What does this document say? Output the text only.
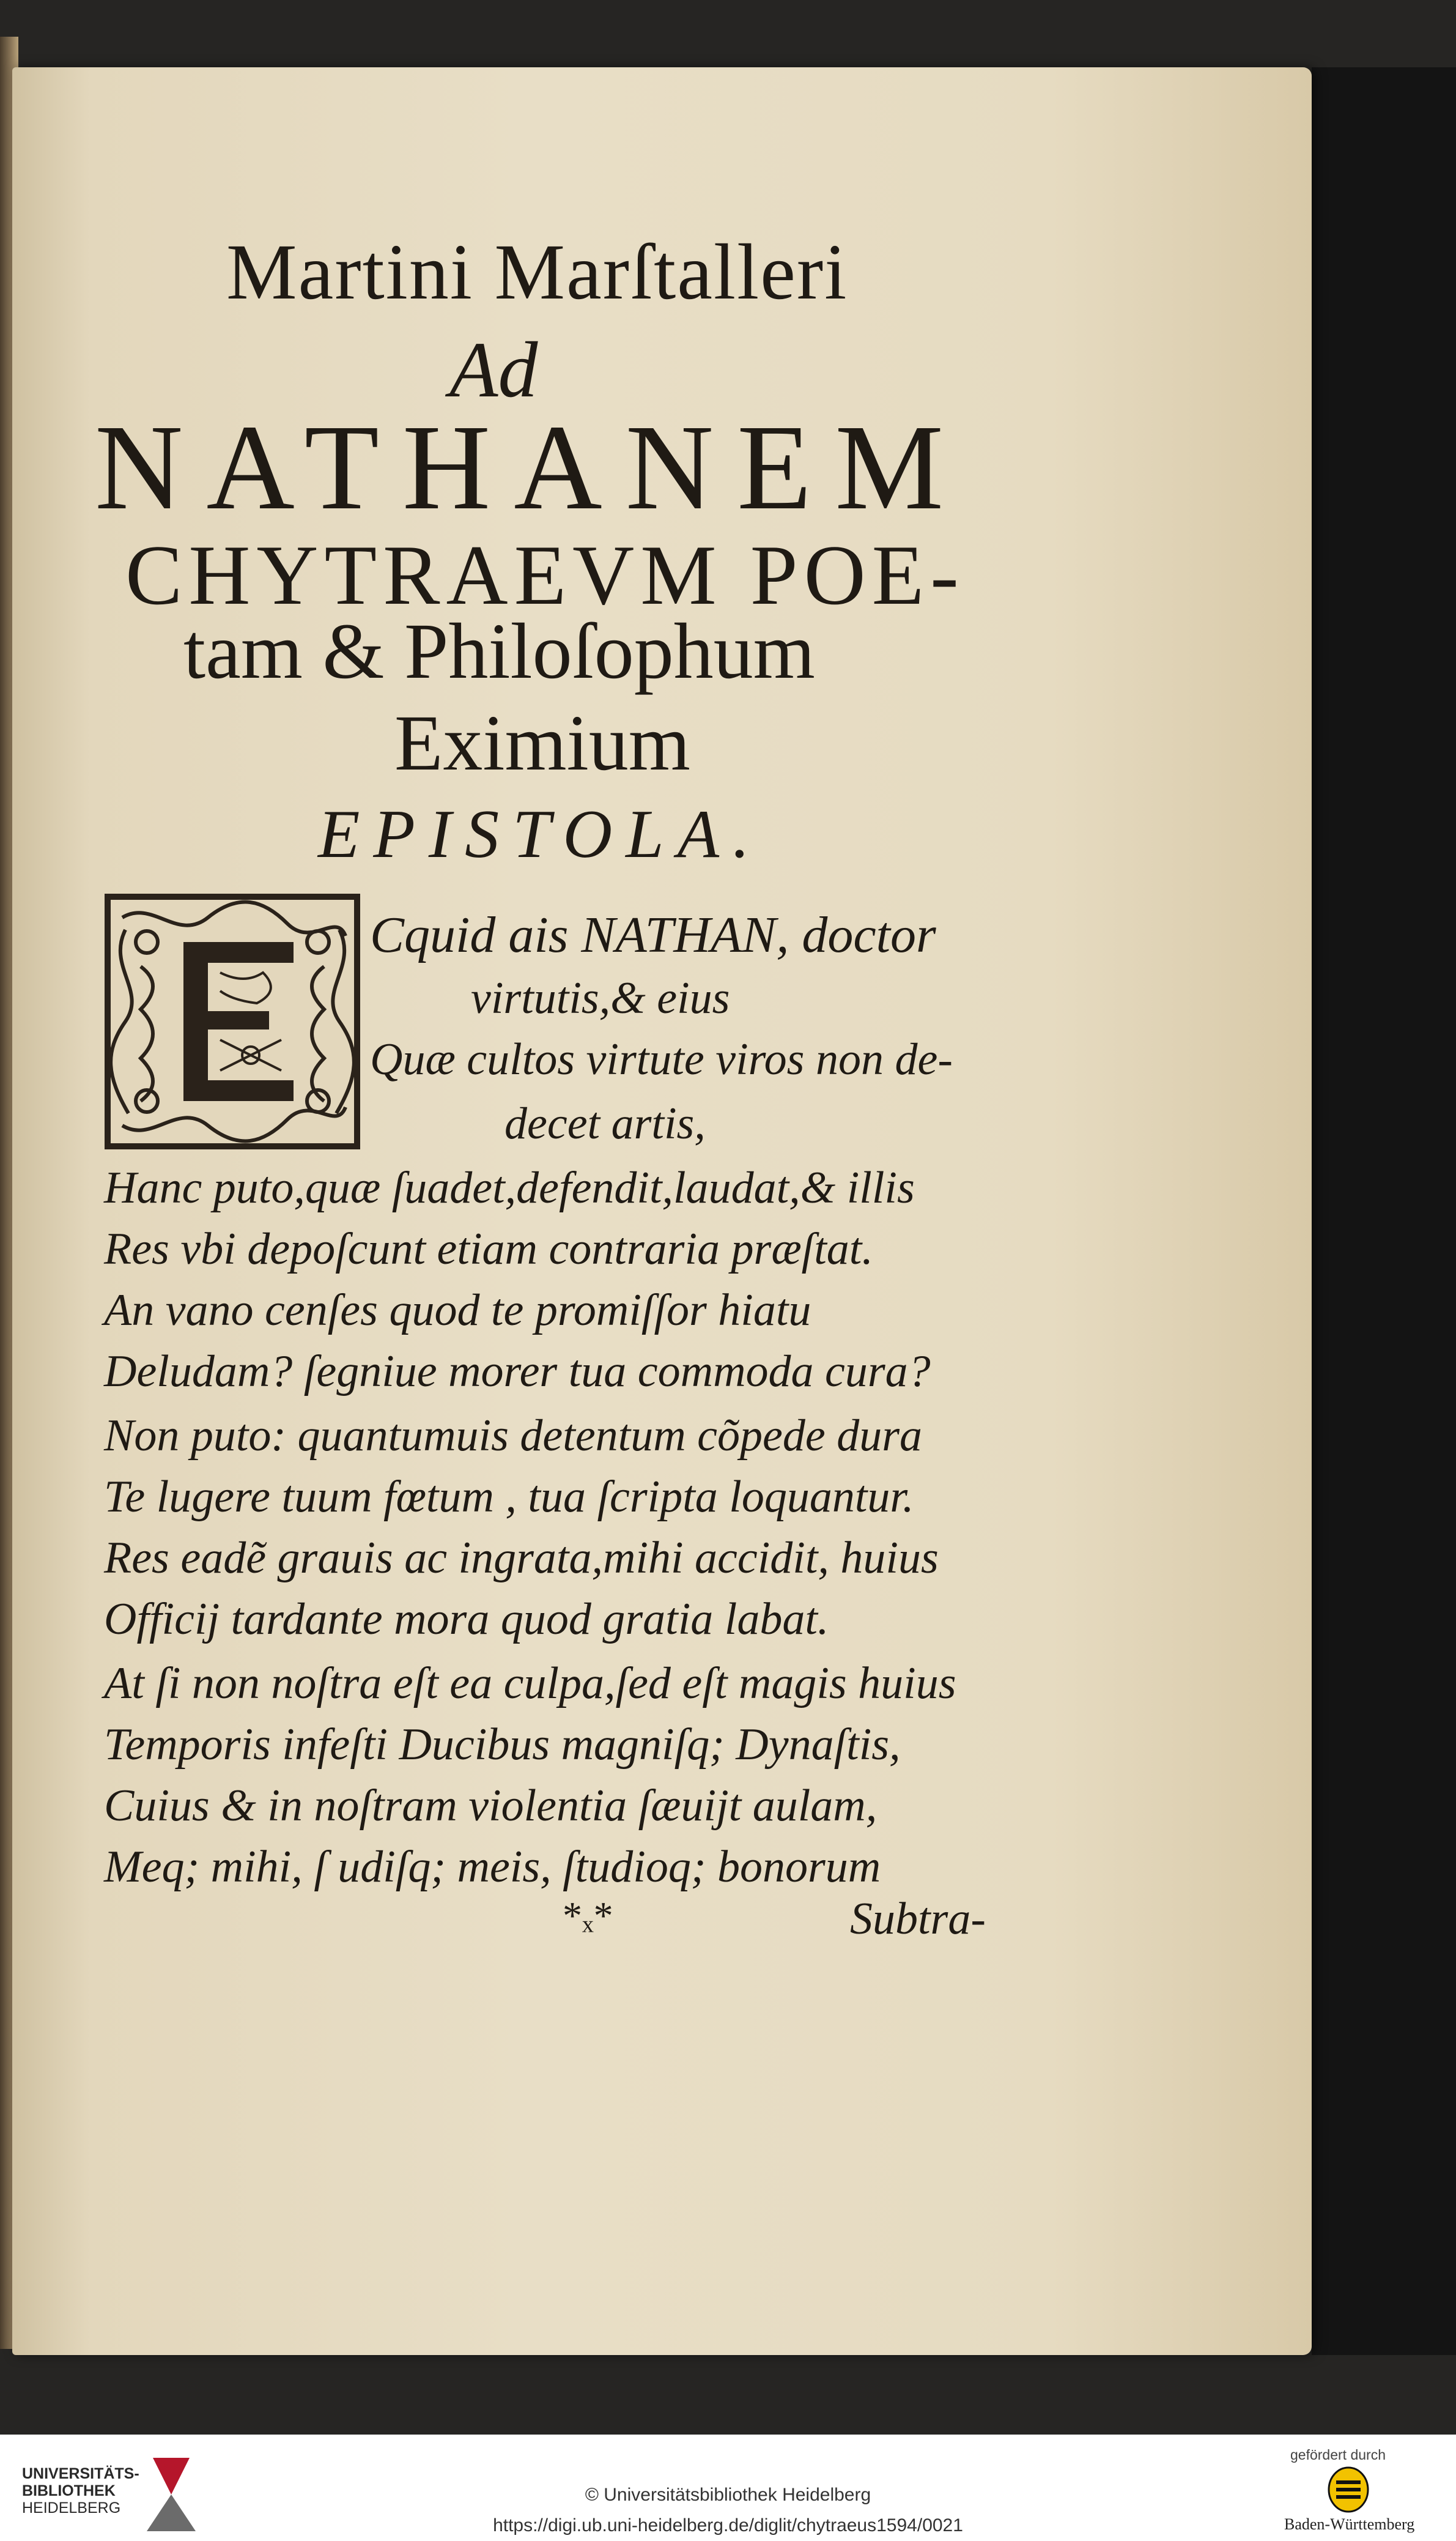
Martini Marſtalleri
Ad
NATHANEM
CHYTRAEVM POE-
tam & Philoſophum
Eximium
EPISTOLA.
Cquid ais NATHAN, doctor
virtutis,& eius
Quæ cultos virtute viros non de-
decet artis,
Hanc puto,quæ ſuadet,defendit,laudat,& illis
Res vbi depoſcunt etiam contraria præſtat.
An vano cenſes quod te promiſſor hiatu
Deludam? ſegniue morer tua commoda cura?
Non puto: quantumuis detentum cõpede dura
Te lugere tuum fœtum , tua ſcripta loquantur.
Res eadẽ grauis ac ingrata,mihi accidit, huius
Officij tardante mora quod gratia labat.
At ſi non noſtra eſt ea culpa,ſed eſt magis huius
Temporis infeſti Ducibus magniſq; Dynaſtis,
Cuius & in noſtram violentia ſæuijt aulam,
Meq; mihi, ſ udiſq; meis, ſtudioq; bonorum
*ₓ*	Subtra-
UNIVERSITÄTS-
BIBLIOTHEK
HEIDELBERG
© Universitätsbibliothek Heidelberg
https://digi.ub.uni-heidelberg.de/diglit/chytraeus1594/0021
gefördert durch
Baden-Württemberg
